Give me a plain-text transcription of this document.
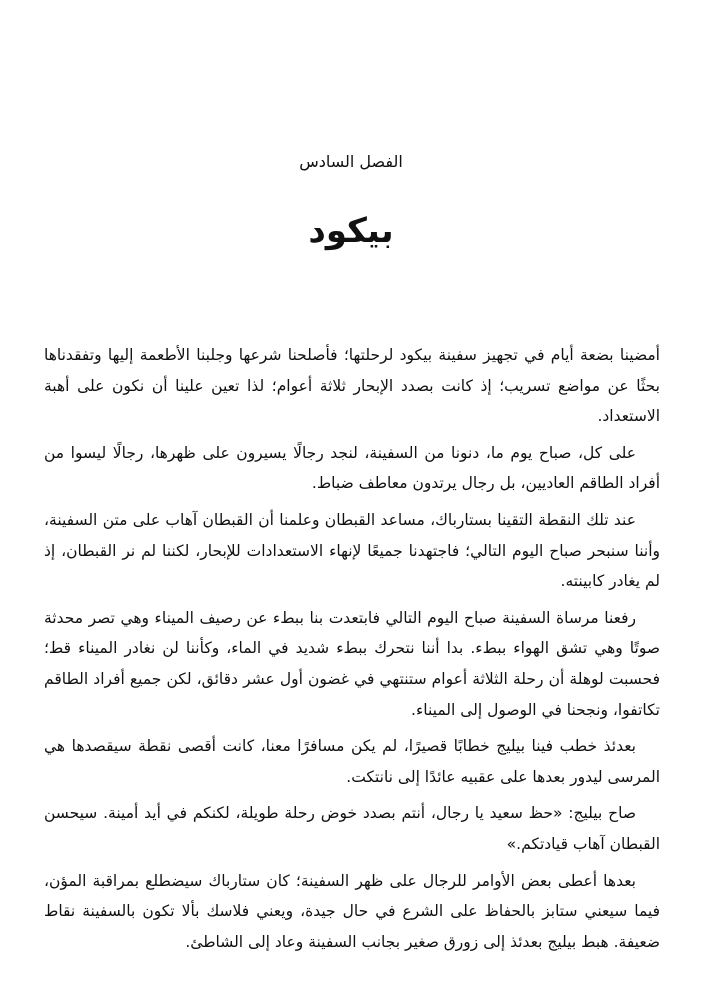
الفصل السادس
بيكود

أمضينا بضعة أيام في تجهيز سفينة بيكود لرحلتها؛ فأصلحنا شرعها وجلبنا الأطعمة إليها وتفقدناها بحثًا عن مواضع تسريب؛ إذ كانت بصدد الإبحار ثلاثة أعوام؛ لذا تعين علينا أن نكون على أهبة الاستعداد.

على كل، صباح يوم ما، دنونا من السفينة، لنجد رجالًا يسيرون على ظهرها، رجالًا ليسوا من أفراد الطاقم العاديين، بل رجال يرتدون معاطف ضباط.

عند تلك النقطة التقينا بستارباك، مساعد القبطان وعلمنا أن القبطان آهاب على متن السفينة، وأننا سنبحر صباح اليوم التالي؛ فاجتهدنا جميعًا لإنهاء الاستعدادات للإبحار، لكننا لم نر القبطان، إذ لم يغادر كابينته.

رفعنا مرساة السفينة صباح اليوم التالي فابتعدت بنا ببطء عن رصيف الميناء وهي تصر محدثة صوتًا وهي تشق الهواء ببطء. بدا أننا نتحرك ببطء شديد في الماء، وكأننا لن نغادر الميناء قط؛ فحسبت لوهلة أن رحلة الثلاثة أعوام ستنتهي في غضون أول عشر دقائق، لكن جميع أفراد الطاقم تكاتفوا، ونجحنا في الوصول إلى الميناء.

بعدئذ خطب فينا بيليج خطابًا قصيرًا، لم يكن مسافرًا معنا، كانت أقصى نقطة سيقصدها هي المرسى ليدور بعدها على عقبيه عائدًا إلى نانتكت.

صاح بيليج: «حظ سعيد يا رجال، أنتم بصدد خوض رحلة طويلة، لكنكم في أيد أمينة. سيحسن القبطان آهاب قيادتكم.»

بعدها أعطى بعض الأوامر للرجال على ظهر السفينة؛ كان ستارباك سيضطلع بمراقبة المؤن، فيما سيعني ستابز بالحفاظ على الشرع في حال جيدة، ويعني فلاسك بألا تكون بالسفينة نقاط ضعيفة. هبط بيليج بعدئذ إلى زورق صغير بجانب السفينة وعاد إلى الشاطئ.
